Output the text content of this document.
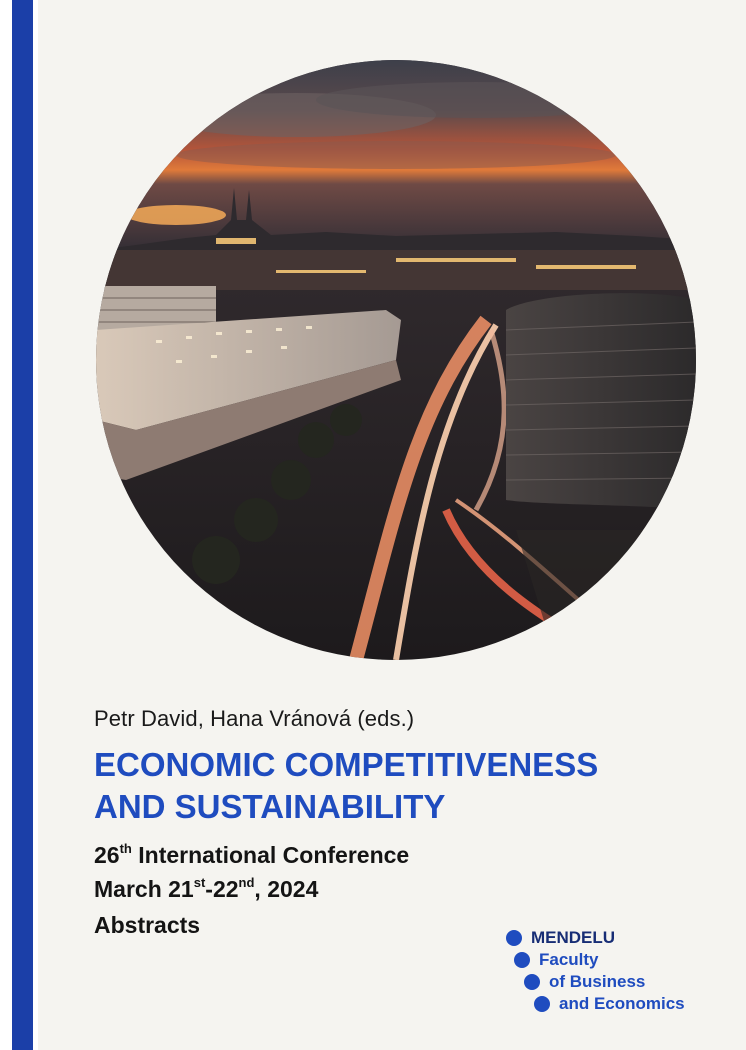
Petr David, Hana Vránová (eds.)
ECONOMIC COMPETITIVENESS
AND SUSTAINABILITY
26th International Conference
March 21st-22nd, 2024
Abstracts	MENDELU
Faculty
of Business
and Economics
